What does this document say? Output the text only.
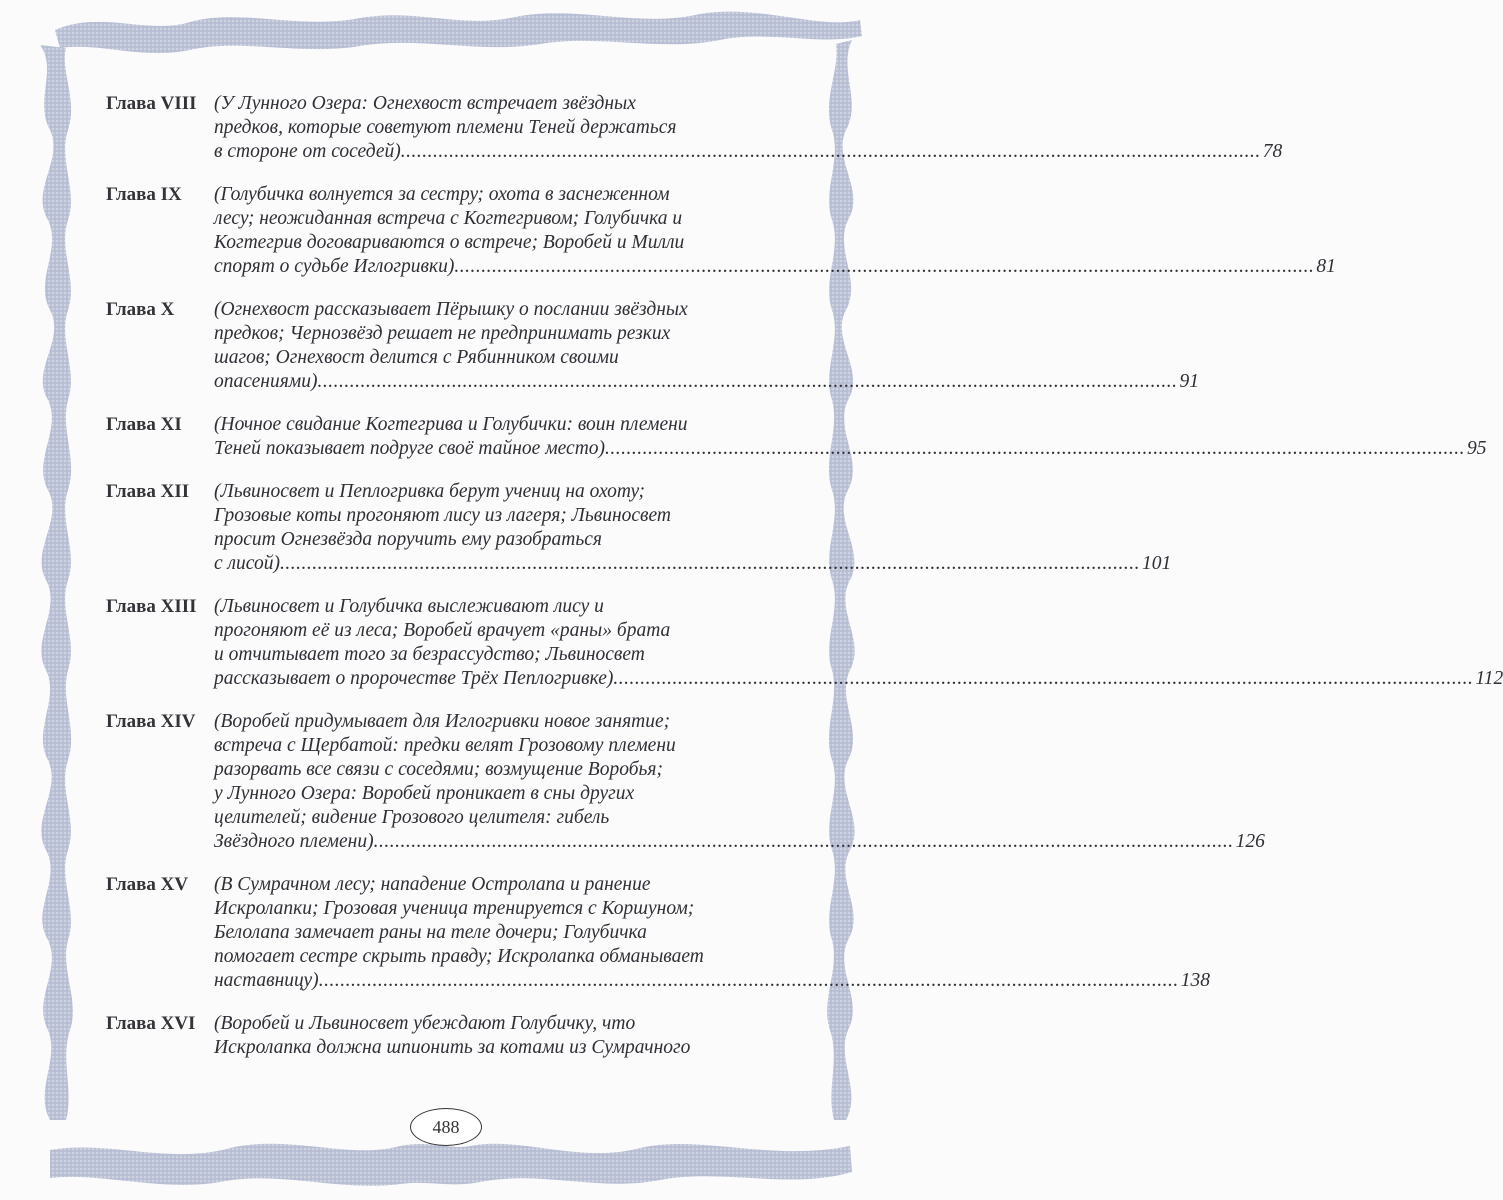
Глава VIII (У Лунного Озера: Огнехвост встречает звёздных
предков, которые советуют племени Теней держаться
в стороне от соседей) .....	78
Глава IX	(Голубичка волнуется за сестру; охота в заснеженном
лесу; неожиданная встреча с Когтегривом; Голубичка и
Когтегрив договариваются о встрече; Воробей и Милли
спорят о судьбе Иглогривки) .....	81
Глава X	(Огнехвост рассказывает Пёрышку о послании звёздных
предков; Чернозвёзд решает не предпринимать резких
шагов; Огнехвост делится с Рябинником своими
опасениями) .....	91
Глава XI	(Ночное свидание Когтегрива и Голубички: воин племени
Теней показывает подруге своё тайное место) .....	95
Глава XII	(Львиносвет и Пеплогривка берут учениц на охоту;
Грозовые коты прогоняют лису из лагеря; Львиносвет
просит Огнезвёзда поручить ему разобраться
с лисой) .....	101
Глава XIII (Львиносвет и Голубичка выслеживают лису и
прогоняют её из леса; Воробей врачует «раны» брата
и отчитывает того за безрассудство; Львиносвет
рассказывает о пророчестве Трёх Пеплогривке) .....	112
Глава XIV (Воробей придумывает для Иглогривки новое занятие;
встреча с Щербатой: предки велят Грозовому племени
разорвать все связи с соседями; возмущение Воробья;
у Лунного Озера: Воробей проникает в сны других
целителей; видение Грозового целителя: гибель
Звёздного племени) .....	126
Глава XV	(В Сумрачном лесу; нападение Остролапа и ранение
Искролапки; Грозовая ученица тренируется с Коршуном;
Белолапа замечает раны на теле дочери; Голубичка
помогает сестре скрыть правду; Искролапка обманывает
наставницу) .....	138
Глава XVI (Воробей и Львиносвет убеждают Голубичку, что
Искролапка должна шпионить за котами из Сумрачного
488
